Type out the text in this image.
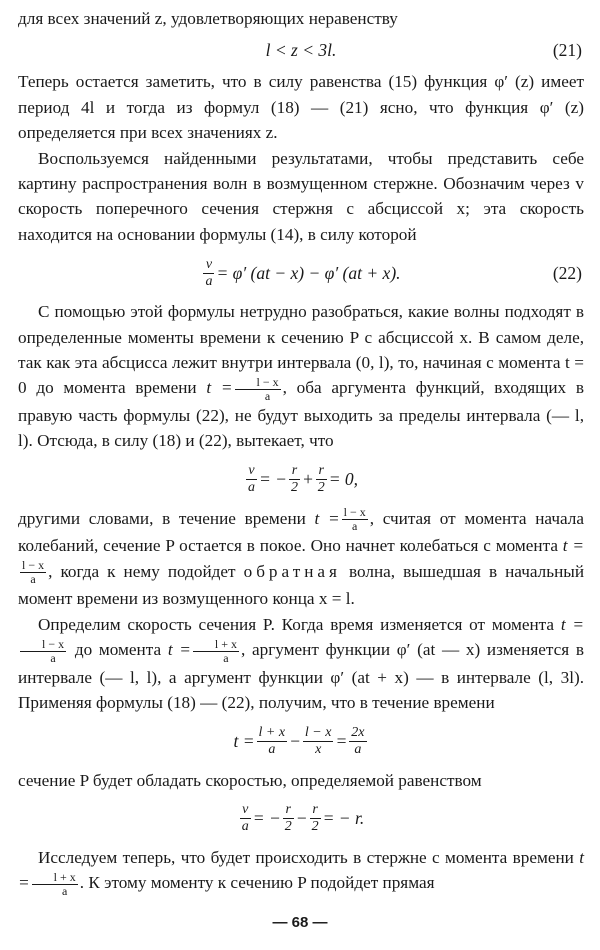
для всех значений z, удовлетворяющих неравенству

l < z < 3l.	(21)

Теперь остается заметить, что в силу равенства (15) функция φ′ (z) имеет период 4l и тогда из формул (18) — (21) ясно, что функция φ′ (z) определяется при всех значениях z.

Воспользуемся найденными результатами, чтобы представить себе картину распространения волн в возмущенном стержне. Обозначим через v скорость поперечного сечения стержня с абсциссой x; эта скорость находится на основании формулы (14), в силу которой

$\frac{v}{a} = \varphi'$ (at − x) − φ′ (at + x).	(22)

С помощью этой формулы нетрудно разобраться, какие волны подходят в определенные моменты времени к сечению P с абсциссой x. В самом деле, так как эта абсцисса лежит внутри интервала (0, l), то, начиная с момента t = 0 до момента времени $t = \frac{l - x}{a}$ , оба аргумента функций, входящих в правую часть формулы (22), не будут выходить за пределы интервала (— l, l). Отсюда, в силу (18) и (22), вытекает, что

$\frac{v}{a}$ =
− $\frac{r}{2} + \frac{r}{2} = 0$,

другими словами, в течение времени $t = \frac{l - x}{a}$ , считая от момента начала колебаний, сечение P остается в покое. Оно начнет колебаться с момента t =
$\frac{l - x}{a}$ , когда к нему подойдет обратная волна, вышедшая в начальный момент времени из возмущенного конца x = l.

Определим скорость сечения P. Когда время изменяется от момента t =
$\frac{l - x}{a}$ до момента $t = \frac{l + x}{a}$ , аргумент функции φ′ (at — x) изменяется в интервале (— l, l), а аргумент функции φ′ (at + x) — в интервале (l, 3l). Применяя формулы (18) — (22), получим, что в течение времени

$t = \frac{l + x}{a} - \frac{l - x}{x} = \frac{2x}{a}$

сечение P будет обладать скоростью, определяемой равенством

$\frac{v}{a}$ =
− $\frac{r}{2} - \frac{r}{2}$ = − r.

Исследуем теперь, что будет происходить в стержне с момента времени $t = \frac{l + x}{a}$ . К этому моменту к сечению P подойдет прямая

— 68 —
